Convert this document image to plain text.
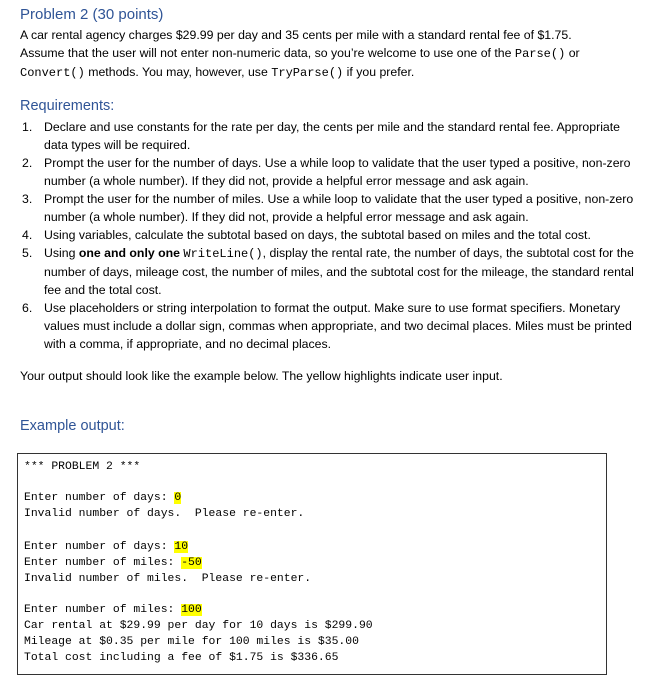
Problem 2 (30 points)
A car rental agency charges $29.99 per day and 35 cents per mile with a standard rental fee of $1.75.
Assume that the user will not enter non-numeric data, so you’re welcome to use one of the Parse() or
Convert() methods. You may, however, use TryParse() if you prefer.
Requirements:
1. Declare and use constants for the rate per day, the cents per mile and the standard rental fee. Appropriate data types will be required.
2. Prompt the user for the number of days. Use a while loop to validate that the user typed a positive, non-zero number (a whole number). If they did not, provide a helpful error message and ask again.
3. Prompt the user for the number of miles. Use a while loop to validate that the user typed a positive, non-zero number (a whole number). If they did not, provide a helpful error message and ask again.
4. Using variables, calculate the subtotal based on days, the subtotal based on miles and the total cost.
5. Using one and only one WriteLine(), display the rental rate, the number of days, the subtotal cost for the number of days, mileage cost, the number of miles, and the subtotal cost for the mileage, the standard rental fee and the total cost.
6. Use placeholders or string interpolation to format the output. Make sure to use format specifiers. Monetary values must include a dollar sign, commas when appropriate, and two decimal places. Miles must be printed with a comma, if appropriate, and no decimal places.
Your output should look like the example below. The yellow highlights indicate user input.
Example output:
*** PROBLEM 2 ***
Enter number of days: 0
Invalid number of days.  Please re-enter.
Enter number of days: 10
Enter number of miles: -50
Invalid number of miles.  Please re-enter.
Enter number of miles: 100
Car rental at $29.99 per day for 10 days is $299.90
Mileage at $0.35 per mile for 100 miles is $35.00
Total cost including a fee of $1.75 is $336.65
